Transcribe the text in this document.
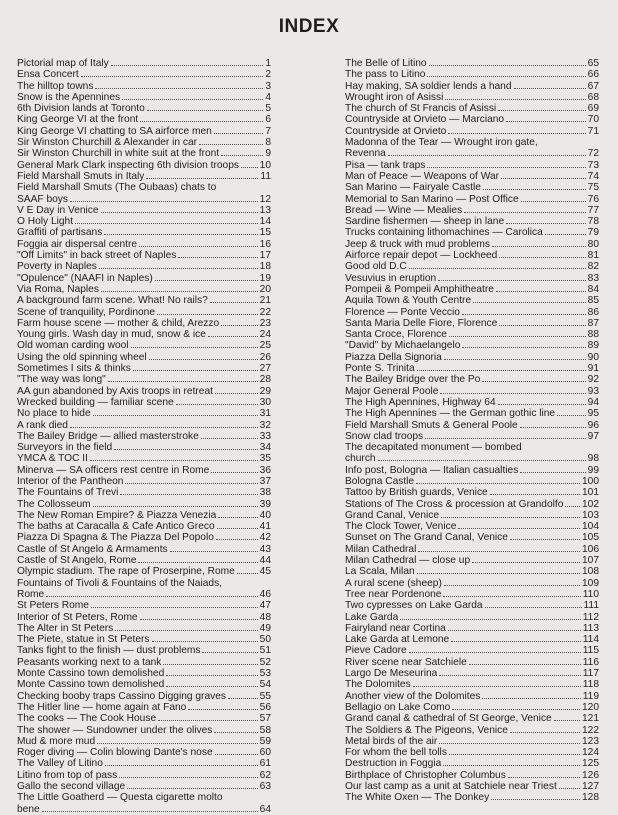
INDEX
Pictorial map of Italy	1
Ensa Concert	2
The hilltop towns	3
Snow is the Apennines	4
6th Division lands at Toronto	5
King George VI at the front	6
King George VI chatting to SA airforce men	7
Sir Winston Churchill & Alexander in car	8
Sir Winston Churchill in white suit at the front	9
General Mark Clark inspecting 6th division troops 10
Field Marshall Smuts in Italy	11
Field Marshall Smuts (The Oubaas) chats to
SAAF boys	12
V E Day in Venice	13
O Holy Light	14
Graffiti of partisans	15
Foggia air dispersal centre	16
"Off Limits" in back street of Naples	17
Poverty in Naples	18
"Opulence" (NAAFI in Naples)	19
Via Roma, Naples	20
A background farm scene. What! No rails?	21
Scene of tranquility, Pordinone	22
Farm house scene — mother & child, Arezzo	23
Young girls. Wash day in mud, snow & ice	24
Old woman carding wool	25
Using the old spinning wheel	26
Sometimes I sits & thinks	27
"The way was long"	28
AA gun abandoned by Axis troops in retreat	29
Wrecked building — familiar scene	30
No place to hide	31
A rank died	32
The Bailey Bridge — allied masterstroke	33
Surveyors in the field	34
YMCA & TOC II	35
Minerva — SA officers rest centre in Rome	36
Interior of the Pantheon	37
The Fountains of Trevi	38
The Collosseum	39
The New Roman Empire? & Piazza Venezia	40
The baths at Caracalla & Cafe Antico Greco	41
Piazza Di Spagna & The Piazza Del Popolo	42
Castle of St Angelo & Armaments	43
Castle of St Angelo, Rome	44
Olympic stadium. The rape of Proserpine, Rome 45
Fountains of Tivoli & Fountains of the Naiads,
Rome	46
St Peters Rome	47
Interior of St Peters, Rome	48
The Alter in St Peters	49
The Piete, statue in St Peters	50
Tanks fight to the finish — dust problems	51
Peasants working next to a tank	52
Monte Cassino town demolished	53
Monte Cassino town demolished	54
Checking booby traps Cassino Digging graves	55
The Hitler line — home again at Fano	56
The cooks — The Cook House	57
The shower — Sundowner under the olives	58
Mud & more mud	59
Roger diving — Colin blowing Dante's nose	60
The Valley of Litino	61
Litino from top of pass	62
Gallo the second village	63
The Little Goatherd — Questa cigarette molto
bene	64
The Belle of Litino	65
The pass to Litino	66
Hay making, SA soldier lends a hand	67
Wrought iron of Asissi	68
The church of St Francis of Asissi	69
Countryside at Orvieto — Marciano	70
Countryside at Orvieto	71
Madonna of the Tear — Wrought iron gate,
Revenna	72
Pisa — tank traps	73
Man of Peace — Weapons of War	74
San Marino — Fairyale Castle	75
Memorial to San Marino — Post Office	76
Bread — Wine — Mealies	77
Sardine fishermen — sheep in lane	78
Trucks containing lithomachines — Carolica	79
Jeep & truck with mud problems	80
Airforce repair depot — Lockheed	81
Good old D.C	82
Vesuvius in eruption	83
Pompeii & Pompeii Amphitheatre	84
Aquila Town & Youth Centre	85
Florence — Ponte Veccio	86
Santa Maria Delle Fiore, Florence	87
Santa Croce, Florence	88
"David" by Michaelangelo	89
Piazza Della Signoria	90
Ponte S. Trinita	91
The Bailey Bridge over the Po	92
Major General Poole	93
The High Apennines, Highway 64	94
The High Apennines — the German gothic line	95
Field Marshall Smuts & General Poole	96
Snow clad troops	97
The decapitated monument — bombed
church	98
Info post, Bologna — Italian casualties	99
Bologna Castle	100
Tattoo by British guards, Venice	101
Stations of The Cross & procession at Grandolfo 102
Grand Canal, Venice	103
The Clock Tower, Venice	104
Sunset on The Grand Canal, Venice	105
Milan Cathedral	106
Milan Cathedral — close up	107
La Scala, Milan	108
A rural scene (sheep)	109
Tree near Pordenone	110
Two cypresses on Lake Garda	111
Lake Garda	112
Fairyland near Cortina	113
Lake Garda at Lemone	114
Pieve Cadore	115
River scene near Satchiele	116
Largo De Meseurina	117
The Dolomites	118
Another view of the Dolomites	119
Bellagio on Lake Como	120
Grand canal & cathedral of St George, Venice	121
The Soldiers & The Pigeons, Venice	122
Metal birds of the air	123
For whom the bell tolls	124
Destruction in Foggia	125
Birthplace of Christopher Columbus	126
Our last camp as a unit at Satchiele near Triest 127
The White Oxen — The Donkey	128
